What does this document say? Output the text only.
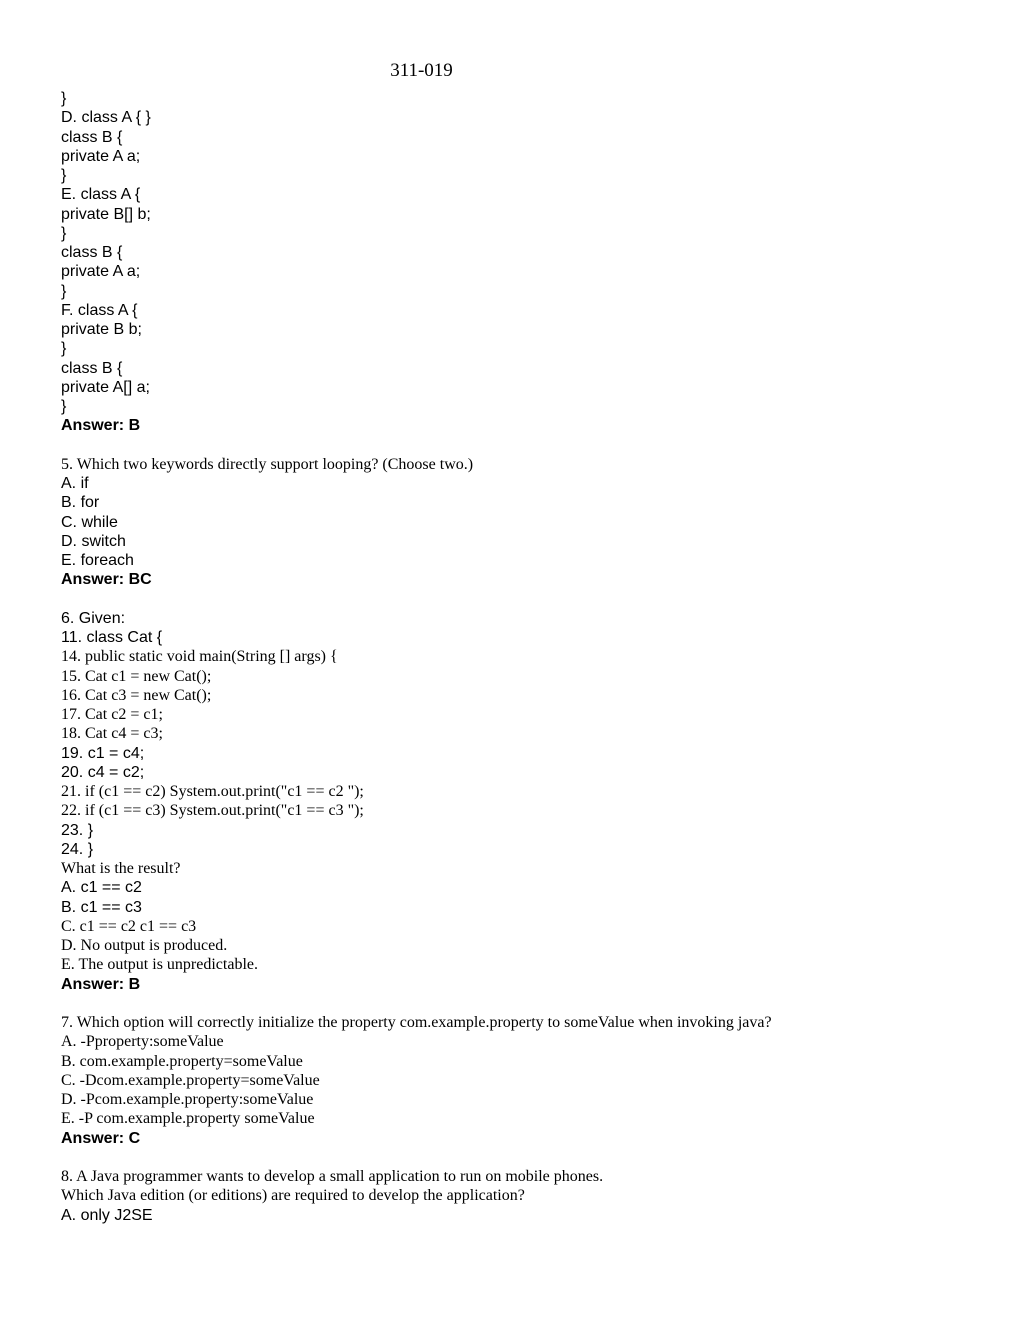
311-019
}
D. class A { }
class B {
private A a;
}
E. class A {
private B[] b;
}
class B {
private A a;
}
F. class A {
private B b;
}
class B {
private A[] a;
}
Answer: B
5. Which two keywords directly support looping? (Choose two.)
A. if
B. for
C. while
D. switch
E. foreach
Answer: BC
6. Given:
11. class Cat {
14. public static void main(String [] args) {
15. Cat c1 = new Cat();
16. Cat c3 = new Cat();
17. Cat c2 = c1;
18. Cat c4 = c3;
19. c1 = c4;
20. c4 = c2;
21. if (c1 == c2) System.out.print("c1 == c2 ");
22. if (c1 == c3) System.out.print("c1 == c3 ");
23. }
24. }
What is the result?
A. c1 == c2
B. c1 == c3
C. c1 == c2 c1 == c3
D. No output is produced.
E. The output is unpredictable.
Answer: B
7. Which option will correctly initialize the property com.example.property to someValue when invoking java?
A. -Pproperty:someValue
B. com.example.property=someValue
C. -Dcom.example.property=someValue
D. -Pcom.example.property:someValue
E. -P com.example.property someValue
Answer: C
8. A Java programmer wants to develop a small application to run on mobile phones.
Which Java edition (or editions) are required to develop the application?
A. only J2SE
